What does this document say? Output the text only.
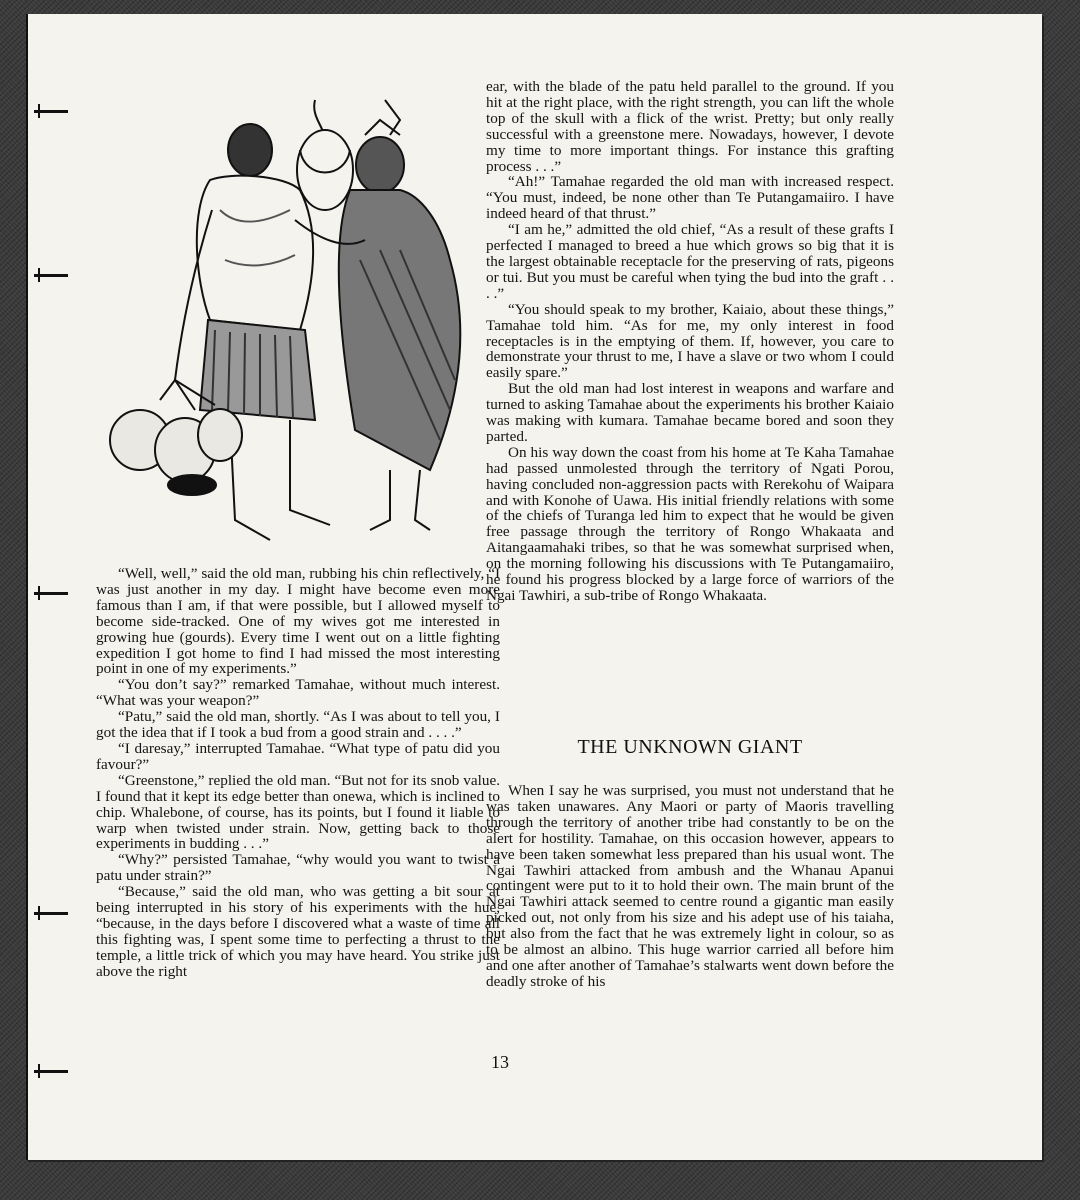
“Well, well,” said the old man, rubbing his chin reflectively, “I was just another in my day. I might have become even more famous than I am, if that were possible, but I allowed myself to become side-tracked. One of my wives got me interested in growing hue (gourds). Every time I went out on a little fighting expedition I got home to find I had missed the most interesting point in one of my experiments.”

“You don’t say?” remarked Tamahae, without much interest. “What was your weapon?”

“Patu,” said the old man, shortly. “As I was about to tell you, I got the idea that if I took a bud from a good strain and . . . .”

“I daresay,” interrupted Tamahae. “What type of patu did you favour?”

“Greenstone,” replied the old man. “But not for its snob value. I found that it kept its edge better than onewa, which is inclined to chip. Whalebone, of course, has its points, but I found it liable to warp when twisted under strain. Now, getting back to those experiments in budding . . .”

“Why?” persisted Tamahae, “why would you want to twist a patu under strain?”

“Because,” said the old man, who was getting a bit sour at being interrupted in his story of his experiments with the hue, “because, in the days before I discovered what a waste of time all this fighting was, I spent some time to perfecting a thrust to the temple, a little trick of which you may have heard. You strike just above the right

ear, with the blade of the patu held parallel to the ground. If you hit at the right place, with the right strength, you can lift the whole top of the skull with a flick of the wrist. Pretty; but only really successful with a greenstone mere. Nowadays, however, I devote my time to more important things. For instance this grafting process . . .”

“Ah!” Tamahae regarded the old man with increased respect. “You must, indeed, be none other than Te Putangamaiiro. I have indeed heard of that thrust.”

“I am he,” admitted the old chief, “As a result of these grafts I perfected I managed to breed a hue which grows so big that it is the largest obtainable receptacle for the preserving of rats, pigeons or tui. But you must be careful when tying the bud into the graft . . . .”

“You should speak to my brother, Kaiaio, about these things,” Tamahae told him. “As for me, my only interest in food receptacles is in the emptying of them. If, however, you care to demonstrate your thrust to me, I have a slave or two whom I could easily spare.”

But the old man had lost interest in weapons and warfare and turned to asking Tamahae about the experiments his brother Kaiaio was making with kumara. Tamahae became bored and soon they parted.

On his way down the coast from his home at Te Kaha Tamahae had passed unmolested through the territory of Ngati Porou, having concluded non-aggression pacts with Rerekohu of Waipara and with Konohe of Uawa. His initial friendly relations with some of the chiefs of Turanga led him to expect that he would be given free passage through the territory of Rongo Whakaata and Aitangaamahaki tribes, so that he was somewhat surprised when, on the morning following his discussions with Te Putangamaiiro, he found his progress blocked by a large force of warriors of the Ngai Tawhiri, a sub-tribe of Rongo Whakaata.

THE UNKNOWN GIANT

When I say he was surprised, you must not understand that he was taken unawares. Any Maori or party of Maoris travelling through the territory of another tribe had constantly to be on the alert for hostility. Tamahae, on this occasion however, appears to have been taken somewhat less prepared than his usual wont. The Ngai Tawhiri attacked from ambush and the Whanau Apanui contingent were put to it to hold their own. The main brunt of the Ngai Tawhiri attack seemed to centre round a gigantic man easily picked out, not only from his size and his adept use of his taiaha, but also from the fact that he was extremely light in colour, so as to be almost an albino. This huge warrior carried all before him and one after another of Tamahae’s stalwarts went down before the deadly stroke of his

13
